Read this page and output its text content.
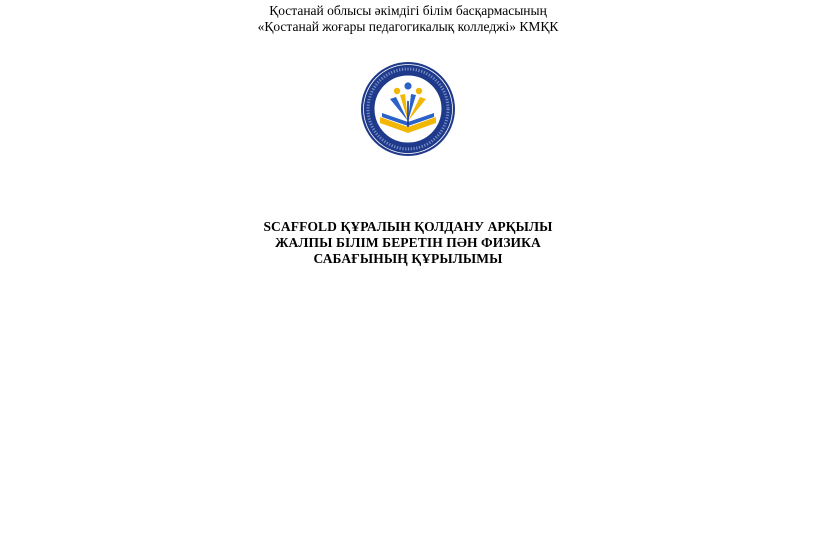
Қостанай облысы әкімдігі білім басқармасының
«Қостанай жоғары педагогикалық колледжі» КМҚК
SCAFFOLD ҚҰРАЛЫН ҚОЛДАНУ АРҚЫЛЫ
ЖАЛПЫ БІЛІМ БЕРЕТІН ПӘН ФИЗИКА
САБАҒЫНЫҢ ҚҰРЫЛЫМЫ
